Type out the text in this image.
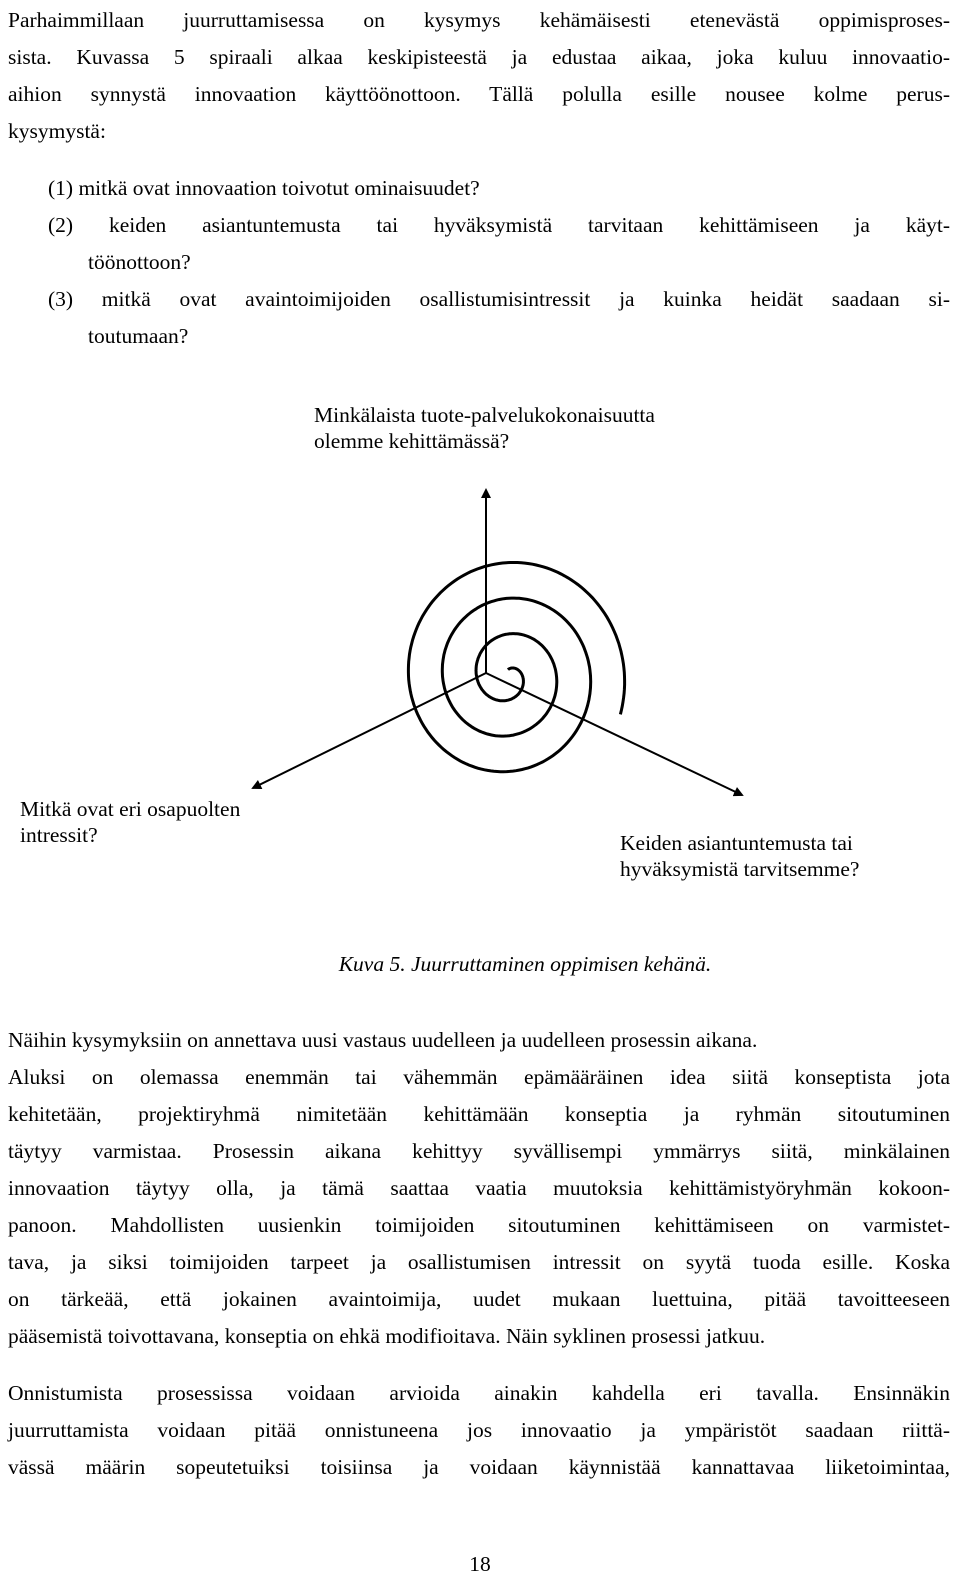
Parhaimmillaan juurruttamisessa on kysymys kehämäisesti etenevästä oppimisproses-
sista. Kuvassa 5 spiraali alkaa keskipisteestä ja edustaa aikaa, joka kuluu innovaatio-
aihion synnystä innovaation käyttöönottoon. Tällä polulla esille nousee kolme perus-
kysymystä:
(1) mitkä ovat innovaation toivotut ominaisuudet?
(2) keiden asiantuntemusta tai hyväksymistä tarvitaan kehittämiseen ja käyt-
töönottoon?
(3) mitkä ovat avaintoimijoiden osallistumisintressit ja kuinka heidät saadaan si-
toutumaan?
Minkälaista tuote-palvelukokonaisuutta
olemme kehittämässä?
Mitkä ovat eri osapuolten
intressit?	Keiden asiantuntemusta tai
hyväksymistä tarvitsemme?
Kuva 5. Juurruttaminen oppimisen kehänä.
Näihin kysymyksiin on annettava uusi vastaus uudelleen ja uudelleen prosessin aikana.
Aluksi on olemassa enemmän tai vähemmän epämääräinen idea siitä konseptista jota
kehitetään, projektiryhmä nimitetään kehittämään konseptia ja ryhmän sitoutuminen
täytyy varmistaa. Prosessin aikana kehittyy syvällisempi ymmärrys siitä, minkälainen
innovaation täytyy olla, ja tämä saattaa vaatia muutoksia kehittämistyöryhmän kokoon-
panoon. Mahdollisten uusienkin toimijoiden sitoutuminen kehittämiseen on varmistet-
tava, ja siksi toimijoiden tarpeet ja osallistumisen intressit on syytä tuoda esille. Koska
on tärkeää, että jokainen avaintoimija, uudet mukaan luettuina, pitää tavoitteeseen
pääsemistä toivottavana, konseptia on ehkä modifioitava. Näin syklinen prosessi jatkuu.
Onnistumista prosessissa voidaan arvioida ainakin kahdella eri tavalla. Ensinnäkin
juurruttamista voidaan pitää onnistuneena jos innovaatio ja ympäristöt saadaan riittä-
vässä määrin sopeutetuiksi toisiinsa ja voidaan käynnistää kannattavaa liiketoimintaa,
18
